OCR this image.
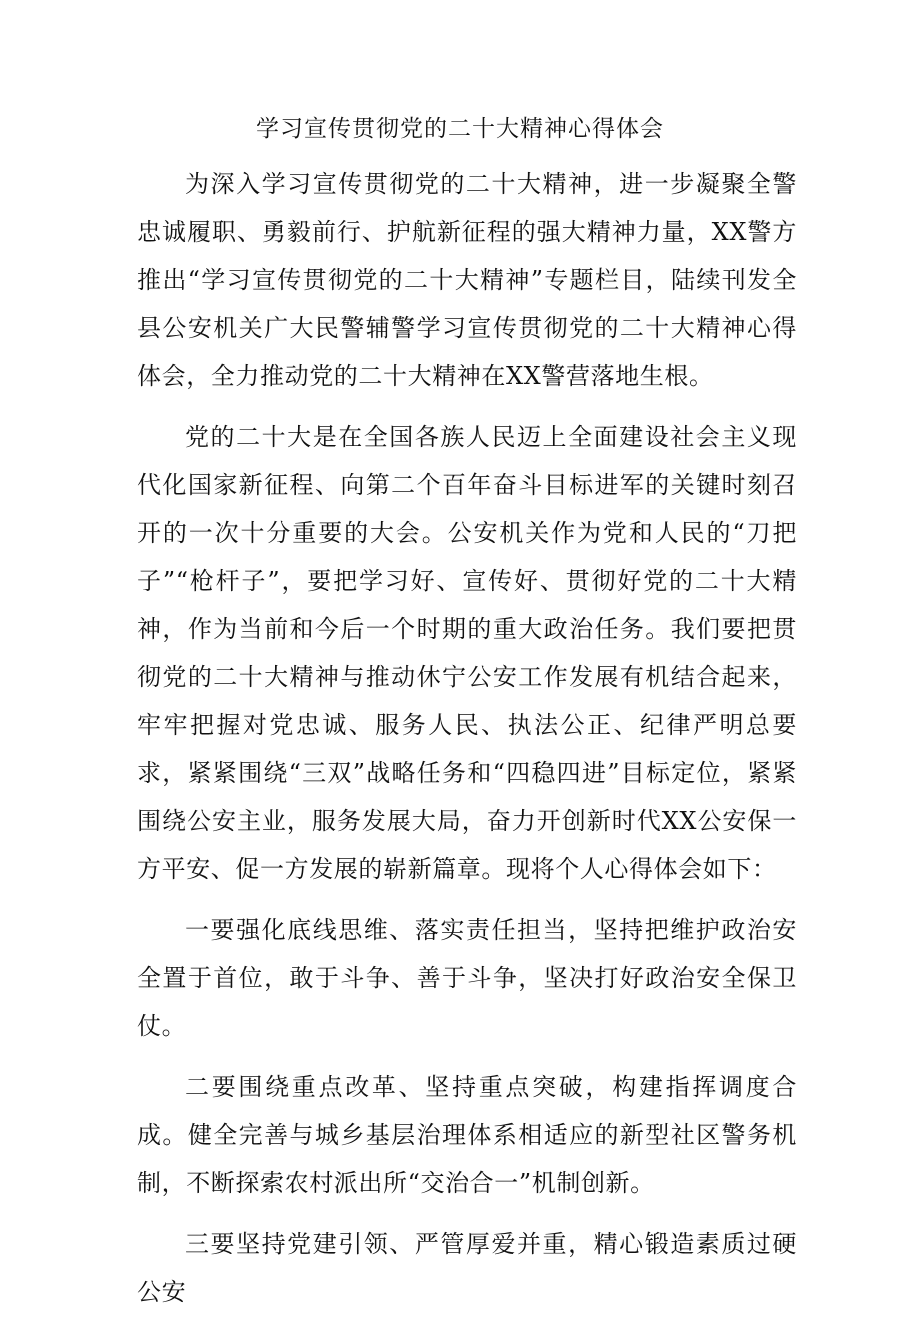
学习宣传贯彻党的二十大精神心得体会

为深入学习宣传贯彻党的二十大精神，进一步凝聚全警忠诚履职、勇毅前行、护航新征程的强大精神力量，XX警方推出“学习宣传贯彻党的二十大精神”专题栏目，陆续刊发全县公安机关广大民警辅警学习宣传贯彻党的二十大精神心得体会，全力推动党的二十大精神在XX警营落地生根。

党的二十大是在全国各族人民迈上全面建设社会主义现代化国家新征程、向第二个百年奋斗目标进军的关键时刻召开的一次十分重要的大会。公安机关作为党和人民的“刀把子”“枪杆子”，要把学习好、宣传好、贯彻好党的二十大精神，作为当前和今后一个时期的重大政治任务。我们要把贯彻党的二十大精神与推动休宁公安工作发展有机结合起来，牢牢把握对党忠诚、服务人民、执法公正、纪律严明总要求，紧紧围绕“三双”战略任务和“四稳四进”目标定位，紧紧围绕公安主业，服务发展大局，奋力开创新时代XX公安保一方平安、促一方发展的崭新篇章。现将个人心得体会如下：

一要强化底线思维、落实责任担当，坚持把维护政治安全置于首位，敢于斗争、善于斗争，坚决打好政治安全保卫仗。

二要围绕重点改革、坚持重点突破，构建指挥调度合成。健全完善与城乡基层治理体系相适应的新型社区警务机制，不断探索农村派出所“交治合一”机制创新。

三要坚持党建引领、严管厚爱并重，精心锻造素质过硬公安
